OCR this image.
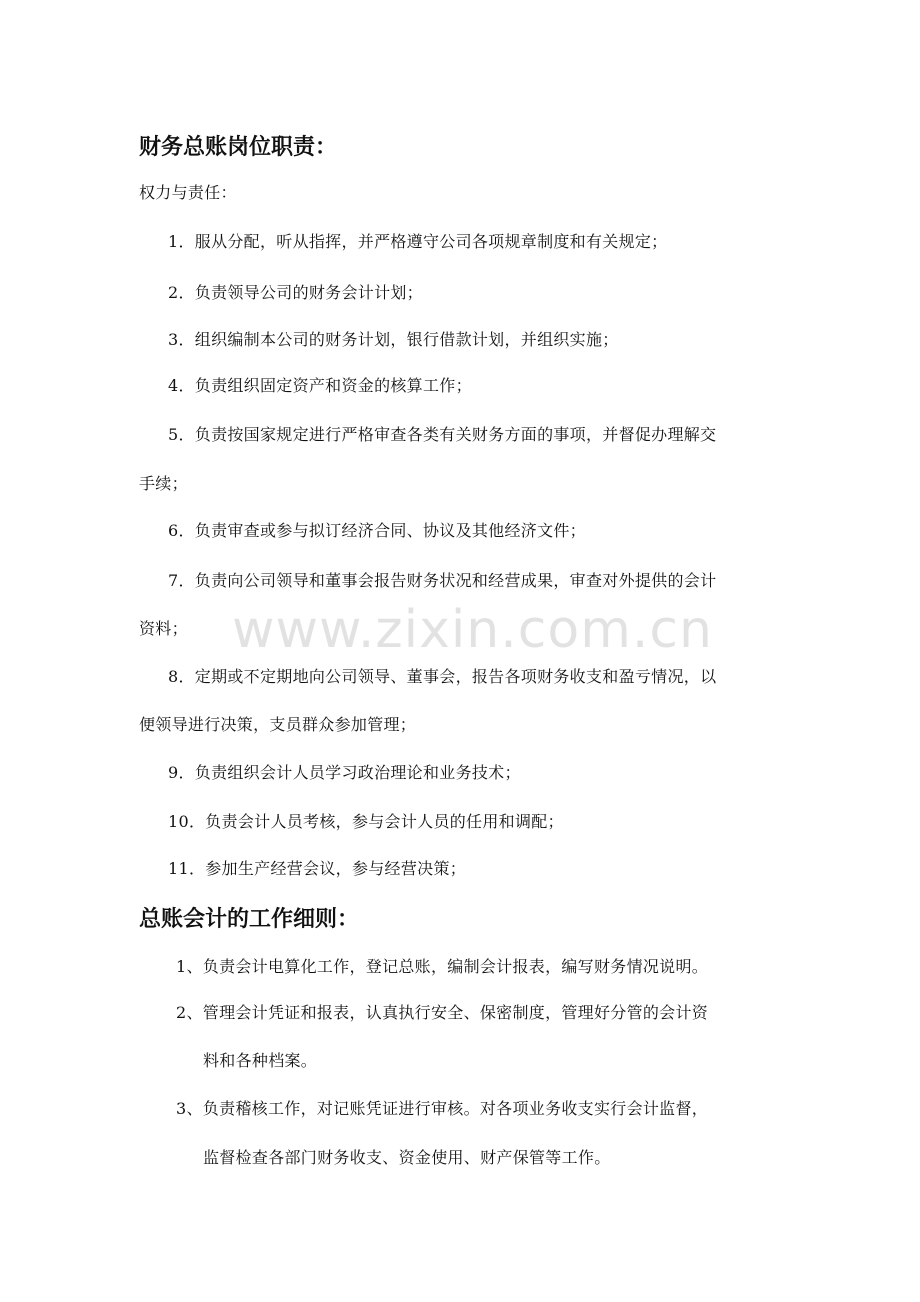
财务总账岗位职责：

权力与责任：

1．服从分配，听从指挥，并严格遵守公司各项规章制度和有关规定；

2．负责领导公司的财务会计计划；

3．组织编制本公司的财务计划，银行借款计划，并组织实施；

4．负责组织固定资产和资金的核算工作；

5．负责按国家规定进行严格审查各类有关财务方面的事项，并督促办理解交

手续；

6．负责审查或参与拟订经济合同、协议及其他经济文件；

7．负责向公司领导和董事会报告财务状况和经营成果，审查对外提供的会计

资料；

8．定期或不定期地向公司领导、董事会，报告各项财务收支和盈亏情况，以

便领导进行决策，支员群众参加管理；

9．负责组织会计人员学习政治理论和业务技术；

10．负责会计人员考核，参与会计人员的任用和调配；

11．参加生产经营会议，参与经营决策；

总账会计的工作细则：

1、负责会计电算化工作，登记总账，编制会计报表，编写财务情况说明。

2、管理会计凭证和报表，认真执行安全、保密制度，管理好分管的会计资

料和各种档案。

3、负责稽核工作，对记账凭证进行审核。对各项业务收支实行会计监督，

监督检查各部门财务收支、资金使用、财产保管等工作。

www.zixin.com.cn
